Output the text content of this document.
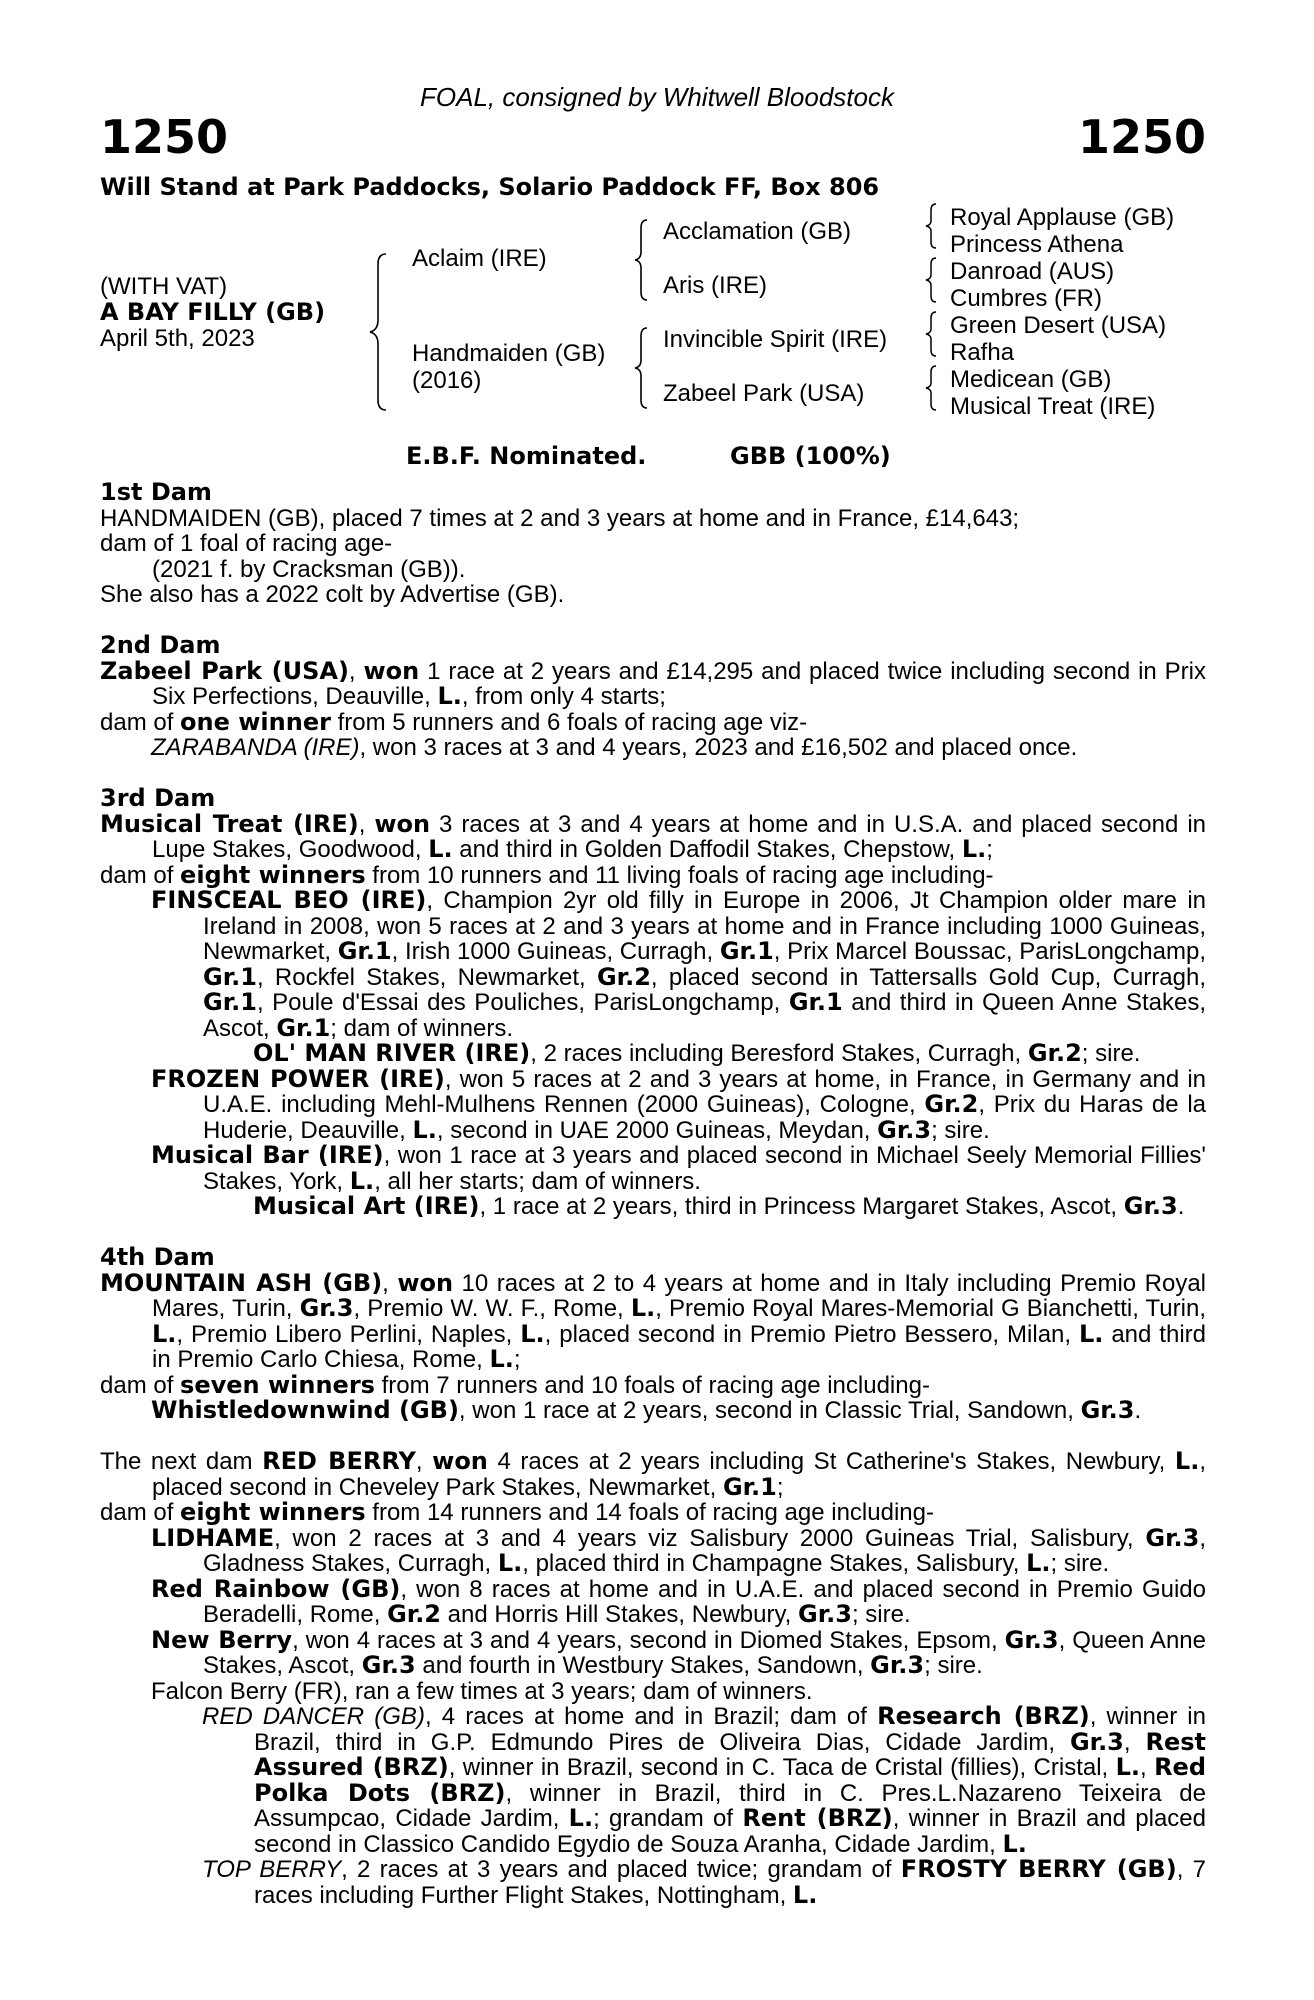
FOAL, consigned by Whitwell Bloodstock
1250	1250
Will Stand at Park Paddocks, Solario Paddock FF, Box 806
(WITH VAT)
A BAY FILLY (GB)
April 5th, 2023
Aclaim (IRE)
Handmaiden (GB)
(2016)
Acclamation (GB)
Aris (IRE)
Invincible Spirit (IRE)
Zabeel Park (USA)
Royal Applause (GB)
Princess Athena
Danroad (AUS)
Cumbres (FR)
Green Desert (USA)
Rafha
Medicean (GB)
Musical Treat (IRE)
E.B.F. Nominated.	GBB (100%)

1st Dam

HANDMAIDEN (GB), placed 7 times at 2 and 3 years at home and in France, £14,643;

dam of 1 foal of racing age-

(2021 f. by Cracksman (GB)).

She also has a 2022 colt by Advertise (GB).

2nd Dam

Zabeel Park (USA), won 1 race at 2 years and £14,295 and placed twice including second in Prix Six Perfections, Deauville, L., from only 4 starts;

dam of one winner from 5 runners and 6 foals of racing age viz-

ZARABANDA (IRE), won 3 races at 3 and 4 years, 2023 and £16,502 and placed once.

3rd Dam

Musical Treat (IRE), won 3 races at 3 and 4 years at home and in U.S.A. and placed second in Lupe Stakes, Goodwood, L. and third in Golden Daffodil Stakes, Chepstow, L.;

dam of eight winners from 10 runners and 11 living foals of racing age including-

FINSCEAL BEO (IRE), Champion 2yr old filly in Europe in 2006, Jt Champion older mare in Ireland in 2008, won 5 races at 2 and 3 years at home and in France including 1000 Guineas, Newmarket, Gr.1, Irish 1000 Guineas, Curragh, Gr.1, Prix Marcel Boussac, ParisLongchamp, Gr.1, Rockfel Stakes, Newmarket, Gr.2, placed second in Tattersalls Gold Cup, Curragh, Gr.1, Poule d'Essai des Pouliches, ParisLongchamp, Gr.1 and third in Queen Anne Stakes, Ascot, Gr.1; dam of winners.

OL' MAN RIVER (IRE), 2 races including Beresford Stakes, Curragh, Gr.2; sire.

FROZEN POWER (IRE), won 5 races at 2 and 3 years at home, in France, in Germany and in U.A.E. including Mehl-Mulhens Rennen (2000 Guineas), Cologne, Gr.2, Prix du Haras de la Huderie, Deauville, L., second in UAE 2000 Guineas, Meydan, Gr.3; sire.

Musical Bar (IRE), won 1 race at 3 years and placed second in Michael Seely Memorial Fillies' Stakes, York, L., all her starts; dam of winners.

Musical Art (IRE), 1 race at 2 years, third in Princess Margaret Stakes, Ascot, Gr.3.

4th Dam

MOUNTAIN ASH (GB), won 10 races at 2 to 4 years at home and in Italy including Premio Royal Mares, Turin, Gr.3, Premio W. W. F., Rome, L., Premio Royal Mares-Memorial G Bianchetti, Turin, L., Premio Libero Perlini, Naples, L., placed second in Premio Pietro Bessero, Milan, L. and third in Premio Carlo Chiesa, Rome, L.;

dam of seven winners from 7 runners and 10 foals of racing age including-

Whistledownwind (GB), won 1 race at 2 years, second in Classic Trial, Sandown, Gr.3.

The next dam RED BERRY, won 4 races at 2 years including St Catherine's Stakes, Newbury, L., placed second in Cheveley Park Stakes, Newmarket, Gr.1;

dam of eight winners from 14 runners and 14 foals of racing age including-

LIDHAME, won 2 races at 3 and 4 years viz Salisbury 2000 Guineas Trial, Salisbury, Gr.3, Gladness Stakes, Curragh, L., placed third in Champagne Stakes, Salisbury, L.; sire.

Red Rainbow (GB), won 8 races at home and in U.A.E. and placed second in Premio Guido Beradelli, Rome, Gr.2 and Horris Hill Stakes, Newbury, Gr.3; sire.

New Berry, won 4 races at 3 and 4 years, second in Diomed Stakes, Epsom, Gr.3, Queen Anne Stakes, Ascot, Gr.3 and fourth in Westbury Stakes, Sandown, Gr.3; sire.

Falcon Berry (FR), ran a few times at 3 years; dam of winners.

RED DANCER (GB), 4 races at home and in Brazil; dam of Research (BRZ), winner in Brazil, third in G.P. Edmundo Pires de Oliveira Dias, Cidade Jardim, Gr.3, Rest Assured (BRZ), winner in Brazil, second in C. Taca de Cristal (fillies), Cristal, L., Red Polka Dots (BRZ), winner in Brazil, third in C. Pres.L.Nazareno Teixeira de Assumpcao, Cidade Jardim, L.; grandam of Rent (BRZ), winner in Brazil and placed second in Classico Candido Egydio de Souza Aranha, Cidade Jardim, L.

TOP BERRY, 2 races at 3 years and placed twice; grandam of FROSTY BERRY (GB), 7 races including Further Flight Stakes, Nottingham, L.
